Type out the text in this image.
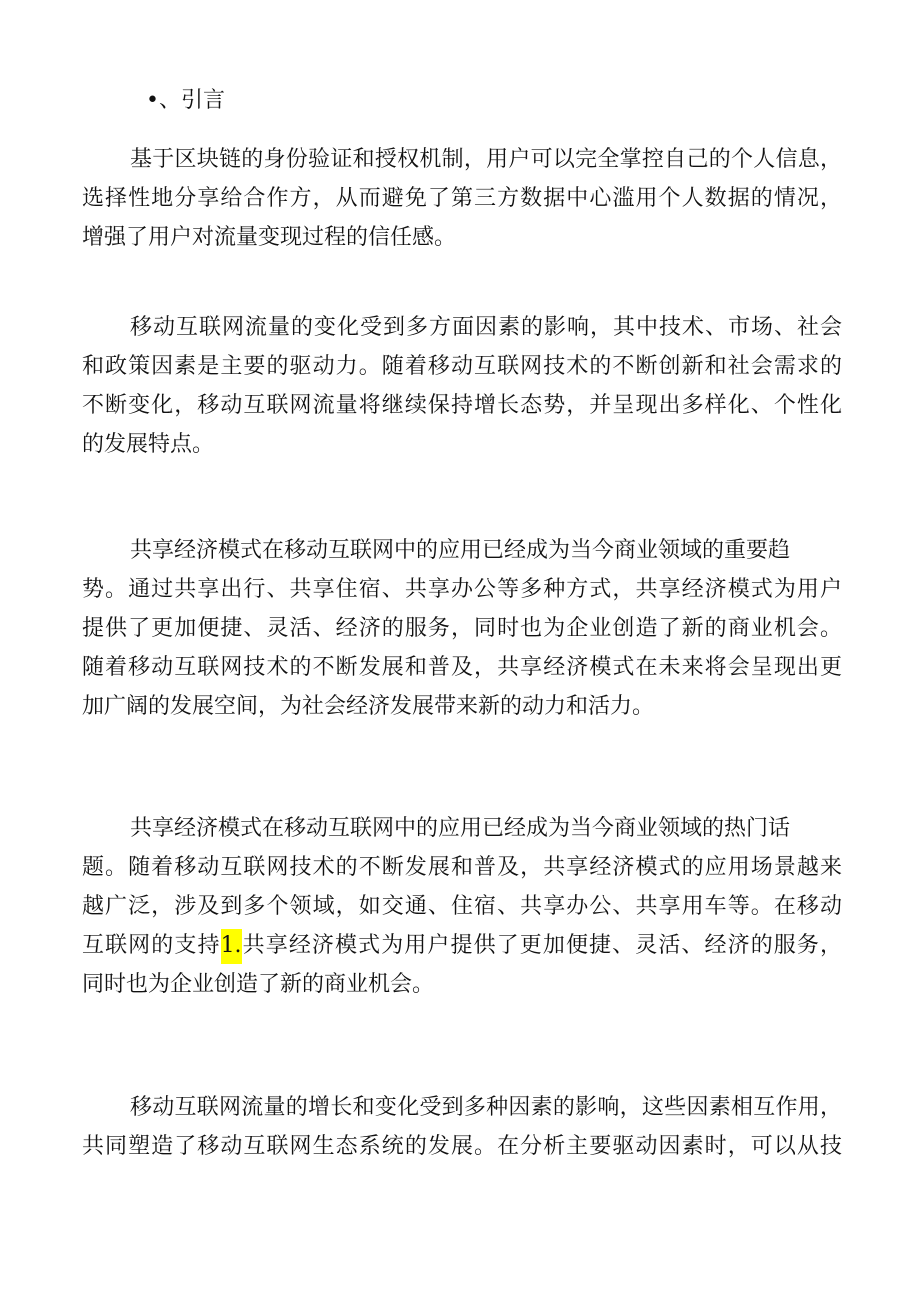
•、引言
基于区块链的身份验证和授权机制，用户可以完全掌控自己的个人信息，
选择性地分享给合作方，从而避免了第三方数据中心滥用个人数据的情况，
增强了用户对流量变现过程的信任感。
移动互联网流量的变化受到多方面因素的影响，其中技术、市场、社会
和政策因素是主要的驱动力。随着移动互联网技术的不断创新和社会需求的
不断变化，移动互联网流量将继续保持增长态势，并呈现出多样化、个性化
的发展特点。
共享经济模式在移动互联网中的应用已经成为当今商业领域的重要趋
势。通过共享出行、共享住宿、共享办公等多种方式，共享经济模式为用户
提供了更加便捷、灵活、经济的服务，同时也为企业创造了新的商业机会。
随着移动互联网技术的不断发展和普及，共享经济模式在未来将会呈现出更
加广阔的发展空间，为社会经济发展带来新的动力和活力。
共享经济模式在移动互联网中的应用已经成为当今商业领域的热门话
题。随着移动互联网技术的不断发展和普及，共享经济模式的应用场景越来
越广泛，涉及到多个领域，如交通、住宿、共享办公、共享用车等。在移动
互联网的支持1.共享经济模式为用户提供了更加便捷、灵活、经济的服务，
同时也为企业创造了新的商业机会。
移动互联网流量的增长和变化受到多种因素的影响，这些因素相互作用，
共同塑造了移动互联网生态系统的发展。在分析主要驱动因素时，可以从技
